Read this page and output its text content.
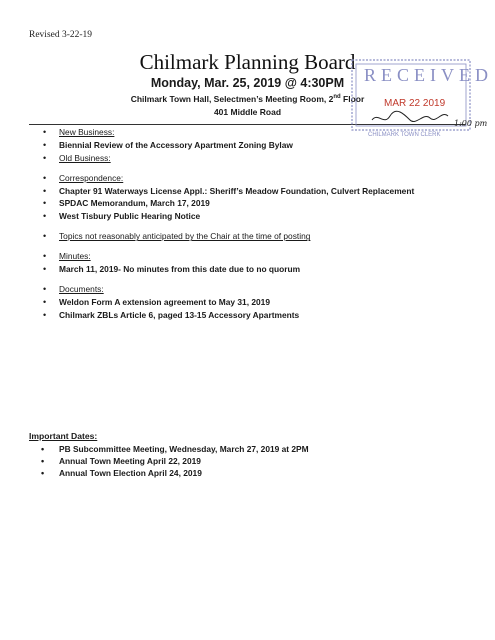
Revised 3-22-19
Chilmark Planning Board
Monday, Mar. 25, 2019 @ 4:30PM
Chilmark Town Hall, Selectmen’s Meeting Room, 2nd Floor
401 Middle Road
RECEIVED
MAR 22 2019
CHILMARK TOWN CLERK
1:00 pm
• New Business:
• Biennial Review of the Accessory Apartment Zoning Bylaw
• Old Business:
• Correspondence:
• Chapter 91 Waterways License Appl.: Sheriff’s Meadow Foundation, Culvert Replacement
• SPDAC Memorandum, March 17, 2019
• West Tisbury Public Hearing Notice
• Topics not reasonably anticipated by the Chair at the time of posting
• Minutes:
• March 11, 2019- No minutes from this date due to no quorum
• Documents:
• Weldon Form A extension agreement to May 31, 2019
• Chilmark ZBLs Article 6, paged 13-15 Accessory Apartments
Important Dates:
• PB Subcommittee Meeting, Wednesday, March 27, 2019 at 2PM
• Annual Town Meeting April 22, 2019
• Annual Town Election April 24, 2019
